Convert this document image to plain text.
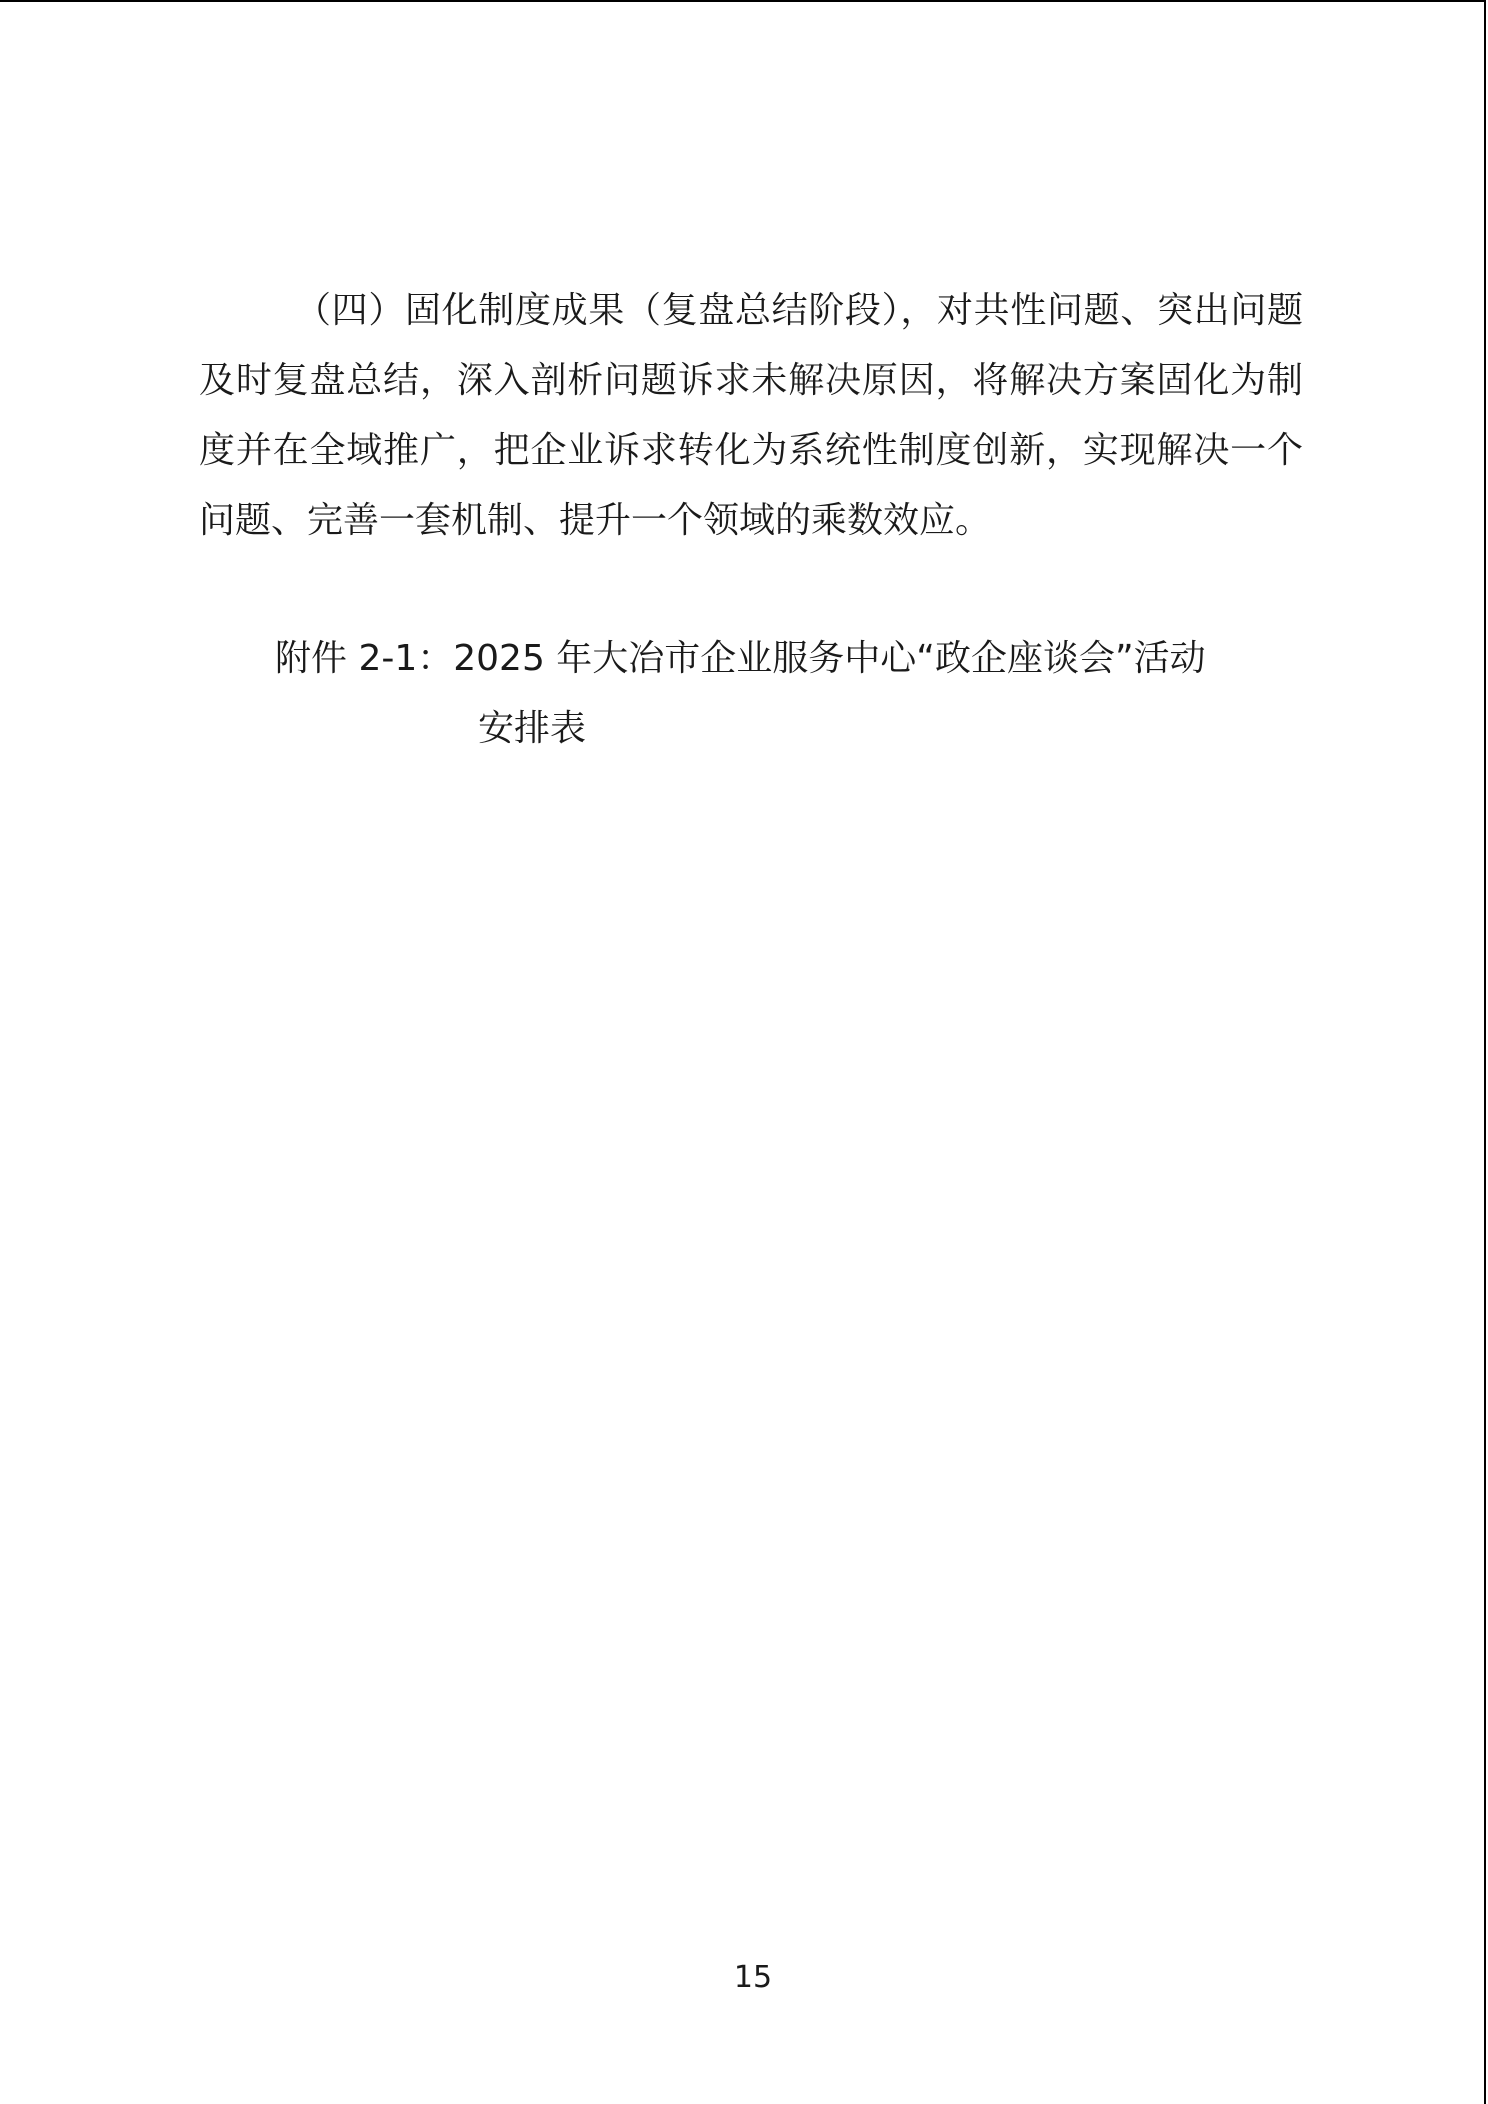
（四）固化制度成果（复盘总结阶段），对共性问题、突出问题及时复盘总结，深入剖析问题诉求未解决原因，将解决方案固化为制度并在全域推广，把企业诉求转化为系统性制度创新，实现解决一个问题、完善一套机制、提升一个领域的乘数效应。

附件 2-1：2025 年大冶市企业服务中心“政企座谈会”活动
安排表
15
